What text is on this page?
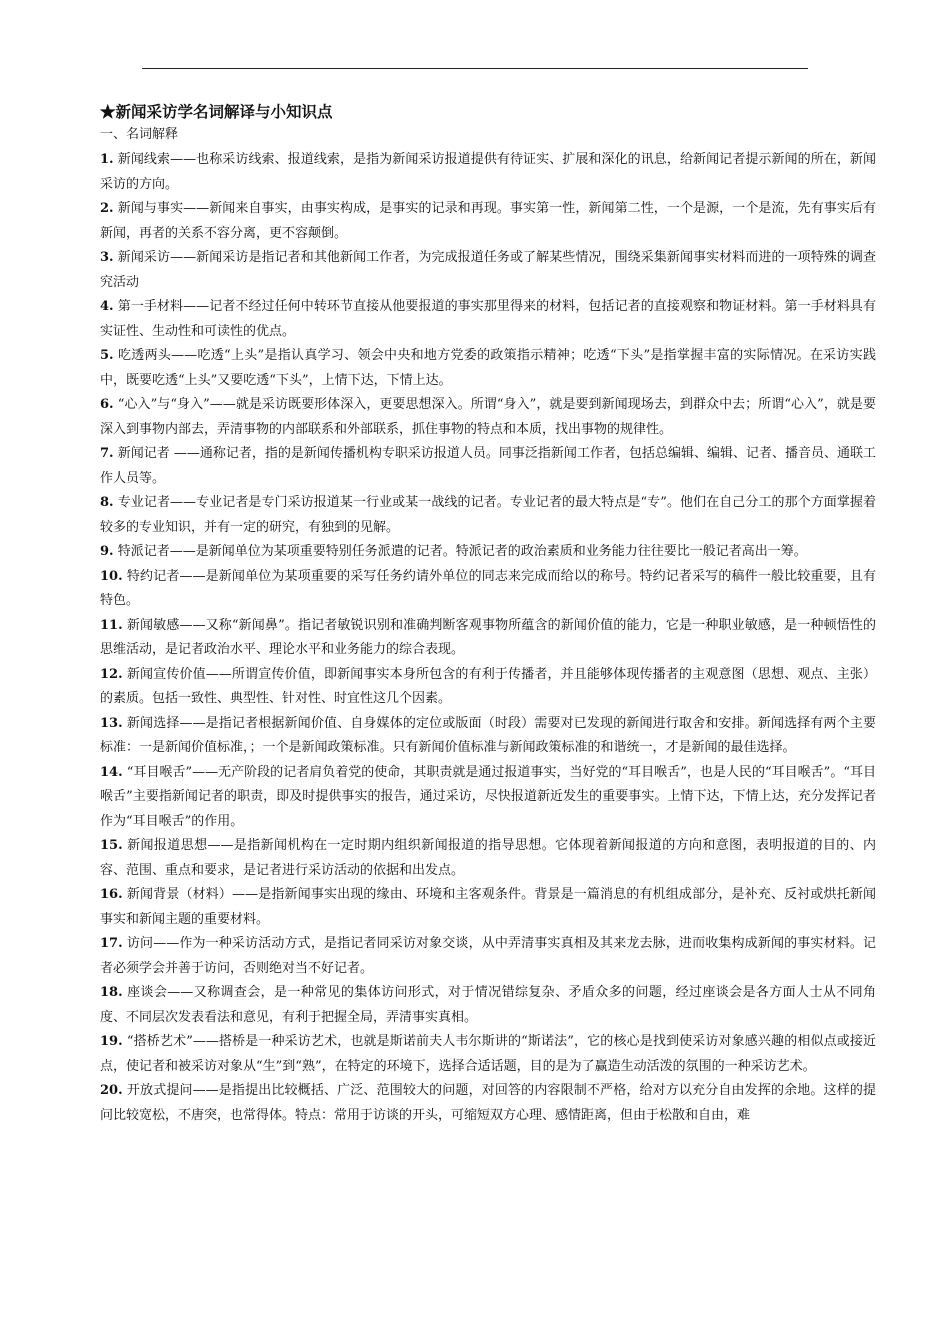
★新闻采访学名词解译与小知识点

一、名词解释

1. 新闻线索——也称采访线索、报道线索，是指为新闻采访报道提供有待证实、扩展和深化的讯息，给新闻记者提示新闻的所在，新闻采访的方向。

2. 新闻与事实——新闻来自事实，由事实构成，是事实的记录和再现。事实第一性，新闻第二性，一个是源，一个是流，先有事实后有新闻，再者的关系不容分离，更不容颠倒。

3. 新闻采访——新闻采访是指记者和其他新闻工作者，为完成报道任务或了解某些情况，围绕采集新闻事实材料而进的一项特殊的调查究活动

4. 第一手材料——记者不经过任何中转环节直接从他要报道的事实那里得来的材料，包括记者的直接观察和物证材料。第一手材料具有实证性、生动性和可读性的优点。

5. 吃透两头——吃透“上头”是指认真学习、领会中央和地方党委的政策指示精神；吃透“下头”是指掌握丰富的实际情况。在采访实践中，既要吃透“上头”又要吃透“下头”，上情下达，下情上达。

6. “心入”与“身入”——就是采访既要形体深入，更要思想深入。所谓“身入”，就是要到新闻现场去，到群众中去；所谓“心入”，就是要深入到事物内部去，弄清事物的内部联系和外部联系，抓住事物的特点和本质，找出事物的规律性。

7. 新闻记者 ——通称记者，指的是新闻传播机构专职采访报道人员。同事泛指新闻工作者，包括总编辑、编辑、记者、播音员、通联工作人员等。

8. 专业记者——专业记者是专门采访报道某一行业或某一战线的记者。专业记者的最大特点是“专”。他们在自己分工的那个方面掌握着较多的专业知识，并有一定的研究，有独到的见解。

9. 特派记者——是新闻单位为某项重要特别任务派遣的记者。特派记者的政治素质和业务能力往往要比一般记者高出一筹。

10. 特约记者——是新闻单位为某项重要的采写任务约请外单位的同志来完成而给以的称号。特约记者采写的稿件一般比较重要，且有特色。

11. 新闻敏感——又称“新闻鼻”。指记者敏锐识别和准确判断客观事物所蕴含的新闻价值的能力，它是一种职业敏感，是一种顿悟性的思维活动，是记者政治水平、理论水平和业务能力的综合表现。

12. 新闻宣传价值——所谓宣传价值，即新闻事实本身所包含的有利于传播者，并且能够体现传播者的主观意图（思想、观点、主张）的素质。包括一致性、典型性、针对性、时宜性这几个因素。

13. 新闻选择——是指记者根据新闻价值、自身媒体的定位或版面（时段）需要对已发现的新闻进行取舍和安排。新闻选择有两个主要标准：一是新闻价值标准，；一个是新闻政策标准。只有新闻价值标准与新闻政策标准的和谐统一，才是新闻的最佳选择。

14. “耳目喉舌”——无产阶段的记者肩负着党的使命，其职责就是通过报道事实，当好党的“耳目喉舌”，也是人民的“耳目喉舌”。“耳目喉舌”主要指新闻记者的职责，即及时提供事实的报告，通过采访，尽快报道新近发生的重要事实。上情下达，下情上达，充分发挥记者作为“耳目喉舌”的作用。

15. 新闻报道思想——是指新闻机构在一定时期内组织新闻报道的指导思想。它体现着新闻报道的方向和意图，表明报道的目的、内容、范围、重点和要求，是记者进行采访活动的依据和出发点。

16. 新闻背景（材料）——是指新闻事实出现的缘由、环境和主客观条件。背景是一篇消息的有机组成部分，是补充、反衬或烘托新闻事实和新闻主题的重要材料。

17. 访问——作为一种采访活动方式，是指记者同采访对象交谈，从中弄清事实真相及其来龙去脉，进而收集构成新闻的事实材料。记者必须学会并善于访问，否则绝对当不好记者。

18. 座谈会——又称调查会，是一种常见的集体访问形式，对于情况错综复杂、矛盾众多的问题，经过座谈会是各方面人士从不同角度、不同层次发表看法和意见，有利于把握全局，弄清事实真相。

19. “搭桥艺术”——搭桥是一种采访艺术，也就是斯诺前夫人韦尔斯讲的“斯诺法”，它的核心是找到使采访对象感兴趣的相似点或接近点，使记者和被采访对象从“生”到“熟”，在特定的环境下，选择合适话题，目的是为了赢造生动活泼的氛围的一种采访艺术。

20. 开放式提问——是指提出比较概括、广泛、范围较大的问题，对回答的内容限制不严格，给对方以充分自由发挥的余地。这样的提问比较宽松，不唐突，也常得体。特点：常用于访谈的开头，可缩短双方心理、感情距离，但由于松散和自由，难
